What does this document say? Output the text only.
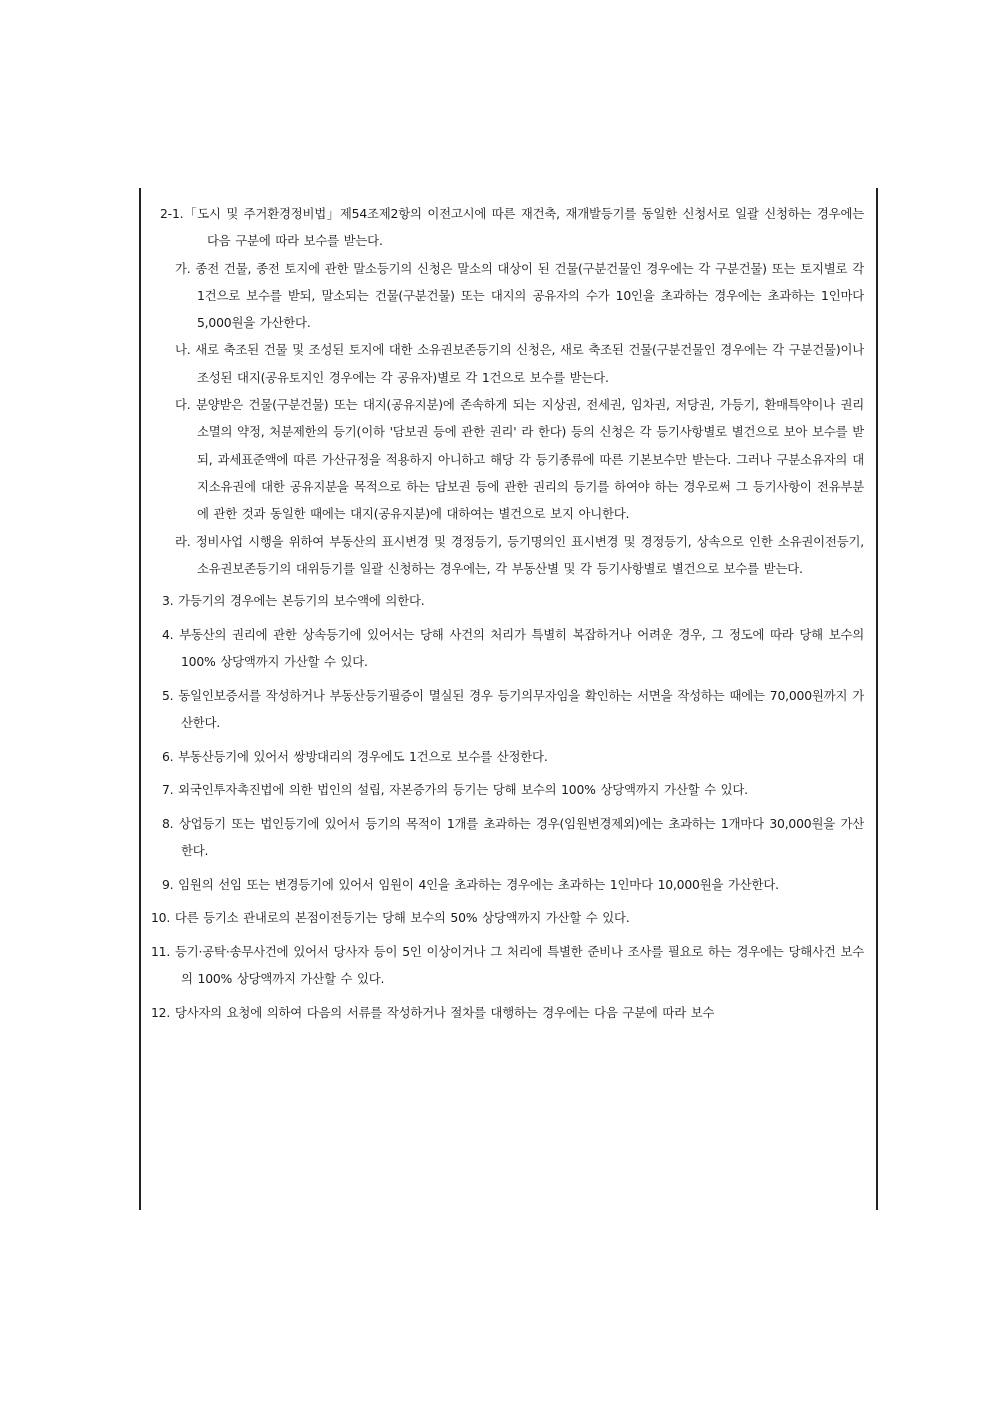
2-1.「도시 및 주거환경정비법」제54조제2항의 이전고시에 따른 재건축, 재개발등기를 동일한 신청서로 일괄 신청하는 경우에는 다음 구분에 따라 보수를 받는다.

가. 종전 건물, 종전 토지에 관한 말소등기의 신청은 말소의 대상이 된 건물(구분건물인 경우에는 각 구분건물) 또는 토지별로 각 1건으로 보수를 받되, 말소되는 건물(구분건물) 또는 대지의 공유자의 수가 10인을 초과하는 경우에는 초과하는 1인마다 5,000원을 가산한다.

나. 새로 축조된 건물 및 조성된 토지에 대한 소유권보존등기의 신청은, 새로 축조된 건물(구분건물인 경우에는 각 구분건물)이나 조성된 대지(공유토지인 경우에는 각 공유자)별로 각 1건으로 보수를 받는다.

다. 분양받은 건물(구분건물) 또는 대지(공유지분)에 존속하게 되는 지상권, 전세권, 임차권, 저당권, 가등기, 환매특약이나 권리소멸의 약정, 처분제한의 등기(이하 '담보권 등에 관한 권리' 라 한다) 등의 신청은 각 등기사항별로 별건으로 보아 보수를 받되, 과세표준액에 따른 가산규정을 적용하지 아니하고 해당 각 등기종류에 따른 기본보수만 받는다. 그러나 구분소유자의 대지소유권에 대한 공유지분을 목적으로 하는 담보권 등에 관한 권리의 등기를 하여야 하는 경우로써 그 등기사항이 전유부분에 관한 것과 동일한 때에는 대지(공유지분)에 대하여는 별건으로 보지 아니한다.

라. 정비사업 시행을 위하여 부동산의 표시변경 및 경정등기, 등기명의인 표시변경 및 경정등기, 상속으로 인한 소유권이전등기, 소유권보존등기의 대위등기를 일괄 신청하는 경우에는, 각 부동산별 및 각 등기사항별로 별건으로 보수를 받는다.

3. 가등기의 경우에는 본등기의 보수액에 의한다.

4. 부동산의 권리에 관한 상속등기에 있어서는 당해 사건의 처리가 특별히 복잡하거나 어려운 경우, 그 정도에 따라 당해 보수의 100% 상당액까지 가산할 수 있다.

5. 동일인보증서를 작성하거나 부동산등기필증이 멸실된 경우 등기의무자임을 확인하는 서면을 작성하는 때에는 70,000원까지 가산한다.

6. 부동산등기에 있어서 쌍방대리의 경우에도 1건으로 보수를 산정한다.

7. 외국인투자촉진법에 의한 법인의 설립, 자본증가의 등기는 당해 보수의 100% 상당액까지 가산할 수 있다.

8. 상업등기 또는 법인등기에 있어서 등기의 목적이 1개를 초과하는 경우(임원변경제외)에는 초과하는 1개마다 30,000원을 가산한다.

9. 임원의 선임 또는 변경등기에 있어서 임원이 4인을 초과하는 경우에는 초과하는 1인마다 10,000원을 가산한다.

10. 다른 등기소 관내로의 본점이전등기는 당해 보수의 50% 상당액까지 가산할 수 있다.

11. 등기·공탁·송무사건에 있어서 당사자 등이 5인 이상이거나 그 처리에 특별한 준비나 조사를 필요로 하는 경우에는 당해사건 보수의 100% 상당액까지 가산할 수 있다.

12. 당사자의 요청에 의하여 다음의 서류를 작성하거나 절차를 대행하는 경우에는 다음 구분에 따라 보수
